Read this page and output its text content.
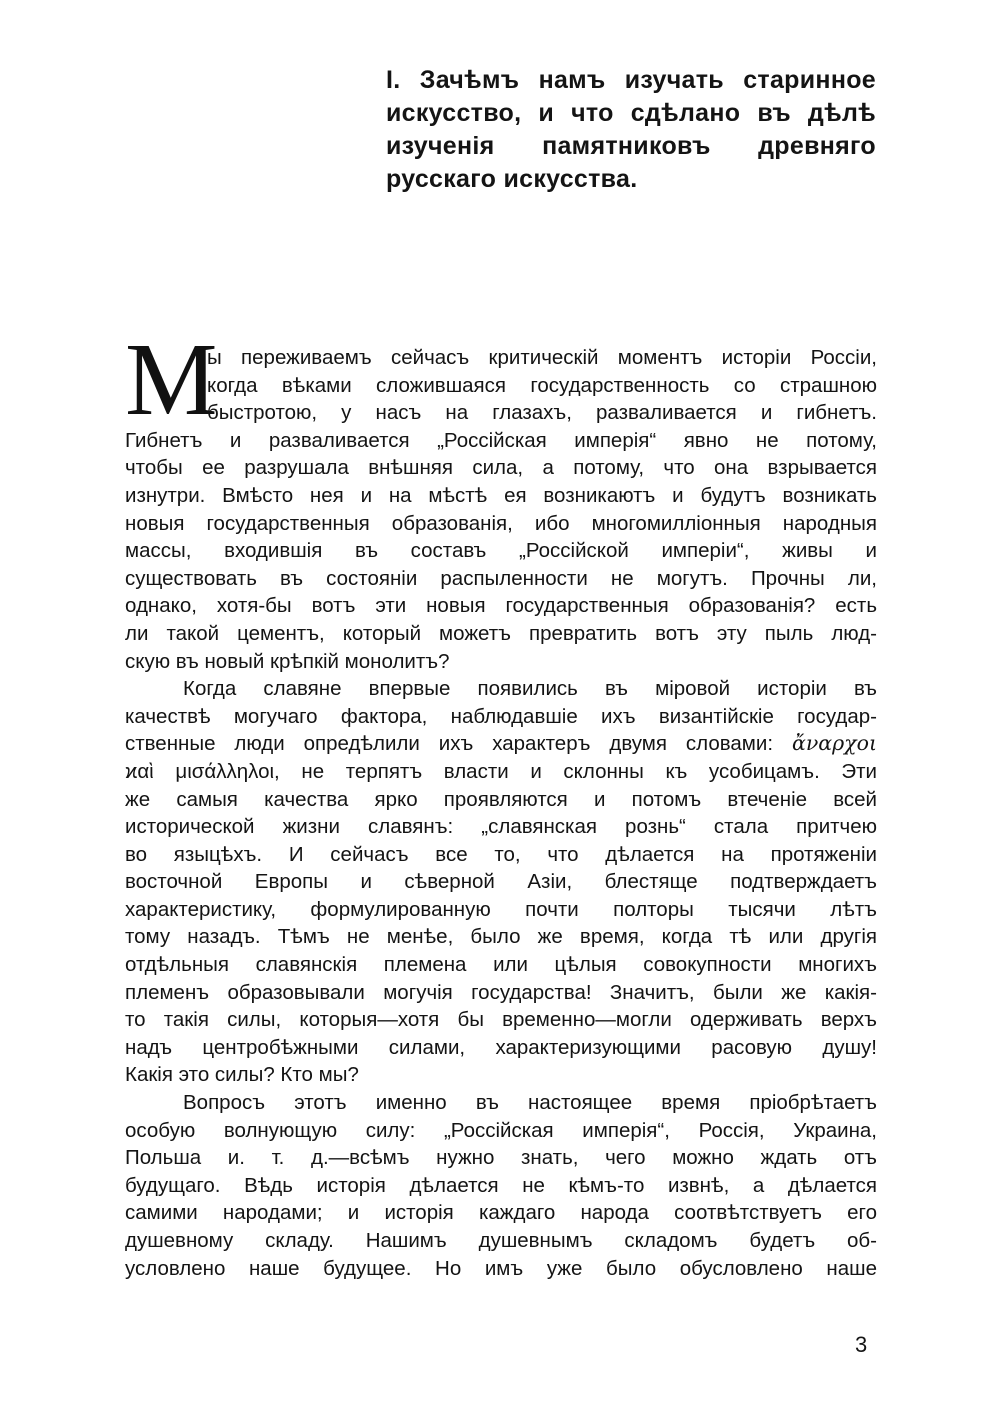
I. Зачѣмъ намъ изучать старинное
искусство, и что сдѣлано въ дѣлѣ
изученія памятниковъ древняго
русскаго искусства.
М
ы переживаемъ сейчасъ критическій моментъ исторіи Россіи,
когда вѣками сложившаяся государственность со страшною
быстротою, у насъ на глазахъ, разваливается и гибнетъ.
Гибнетъ и разваливается „Россійская имперія“ явно не потому,
чтобы ее разрушала внѣшняя сила, а потому, что она взрывается
изнутри. Вмѣсто нея и на мѣстѣ ея возникаютъ и будутъ возникать
новыя государственныя образованія, ибо многомилліонныя народныя
массы, входившія въ составъ „Россійской имперіи“, живы и
существовать въ состояніи распыленности не могутъ. Прочны ли,
однако, хотя-бы вотъ эти новыя государственныя образованія? есть
ли такой цементъ, который можетъ превратить вотъ эту пыль люд-
скую въ новый крѣпкій монолитъ?
Когда славяне впервые появились въ міровой исторіи въ
качествѣ могучаго фактора, наблюдавшіе ихъ византійскіе государ-
ственные люди опредѣлили ихъ характеръ двумя словами: ἄναρχοι
ϰαὶ μισάλληλοι, не терпятъ власти и склонны къ усобицамъ. Эти
же самыя качества ярко проявляются и потомъ втеченіе всей
исторической жизни славянъ: „славянская рознь“ стала притчею
во языцѣхъ. И сейчасъ все то, что дѣлается на протяженіи
восточной Европы и сѣверной Азіи, блестяще подтверждаетъ
характеристику, формулированную почти полторы тысячи лѣтъ
тому назадъ. Тѣмъ не менѣе, было же время, когда тѣ или другія
отдѣльныя славянскія племена или цѣлыя совокупности многихъ
племенъ образовывали могучія государства! Значитъ, были же какія-
то такія силы, которыя—хотя бы временно—могли одерживать верхъ
надъ центробѣжными силами, характеризующими расовую душу!
Какія это силы? Кто мы?
Вопросъ этотъ именно въ настоящее время пріобрѣтаетъ
особую волнующую силу: „Россійская имперія“, Россія, Украина,
Польша и. т. д.—всѣмъ нужно знать, чего можно ждать отъ
будущаго. Вѣдь исторія дѣлается не кѣмъ-то извнѣ, а дѣлается
самими народами; и исторія каждаго народа соотвѣтствуетъ его
душевному складу. Нашимъ душевнымъ складомъ будетъ об-
условлено наше будущее. Но имъ уже было обусловлено наше
3
